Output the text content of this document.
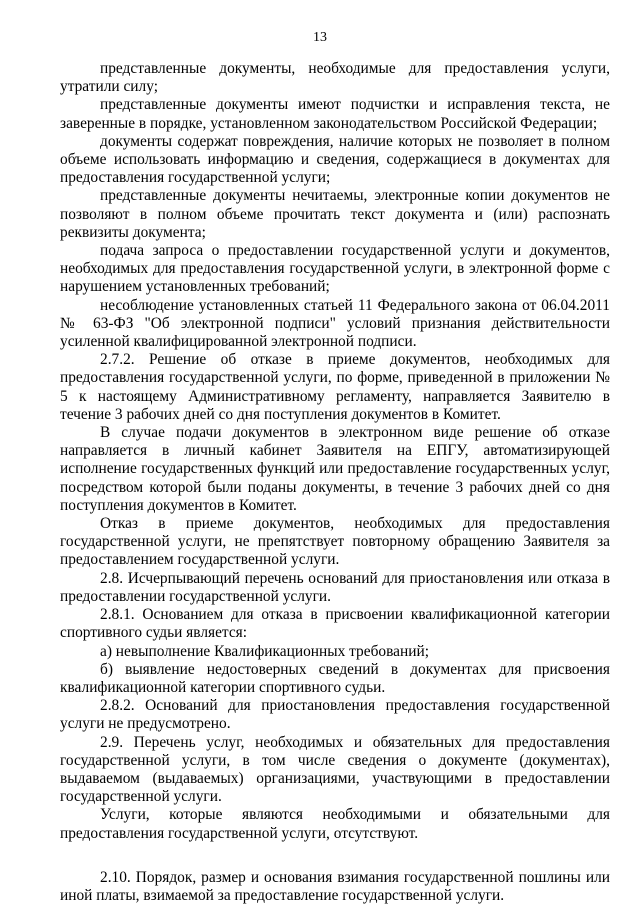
13

представленные документы, необходимые для предоставления услуги, утратили силу;

представленные документы имеют подчистки и исправления текста, не заверенные в порядке, установленном законодательством Российской Федерации;

документы содержат повреждения, наличие которых не позволяет в полном объеме использовать информацию и сведения, содержащиеся в документах для предоставления государственной услуги;

представленные документы нечитаемы, электронные копии документов не позволяют в полном объеме прочитать текст документа и (или) распознать реквизиты документа;

подача запроса о предоставлении государственной услуги и документов, необходимых для предоставления государственной услуги, в электронной форме с нарушением установленных требований;

несоблюдение установленных статьей 11 Федерального закона от 06.04.2011 № 63-ФЗ "Об электронной подписи" условий признания действительности усиленной квалифицированной электронной подписи.

2.7.2. Решение об отказе в приеме документов, необходимых для предоставления государственной услуги, по форме, приведенной в приложении № 5 к настоящему Административному регламенту, направляется Заявителю в течение 3 рабочих дней со дня поступления документов в Комитет.

В случае подачи документов в электронном виде решение об отказе направляется в личный кабинет Заявителя на ЕПГУ, автоматизирующей исполнение государственных функций или предоставление государственных услуг, посредством которой были поданы документы, в течение 3 рабочих дней со дня поступления документов в Комитет.

Отказ в приеме документов, необходимых для предоставления государственной услуги, не препятствует повторному обращению Заявителя за предоставлением государственной услуги.

2.8. Исчерпывающий перечень оснований для приостановления или отказа в предоставлении государственной услуги.

2.8.1. Основанием для отказа в присвоении квалификационной категории спортивного судьи является:

а) невыполнение Квалификационных требований;

б) выявление недостоверных сведений в документах для присвоения квалификационной категории спортивного судьи.

2.8.2. Оснований для приостановления предоставления государственной услуги не предусмотрено.

2.9. Перечень услуг, необходимых и обязательных для предоставления государственной услуги, в том числе сведения о документе (документах), выдаваемом (выдаваемых) организациями, участвующими в предоставлении государственной услуги.

Услуги, которые являются необходимыми и обязательными для предоставления государственной услуги, отсутствуют.

2.10. Порядок, размер и основания взимания государственной пошлины или иной платы, взимаемой за предоставление государственной услуги.
